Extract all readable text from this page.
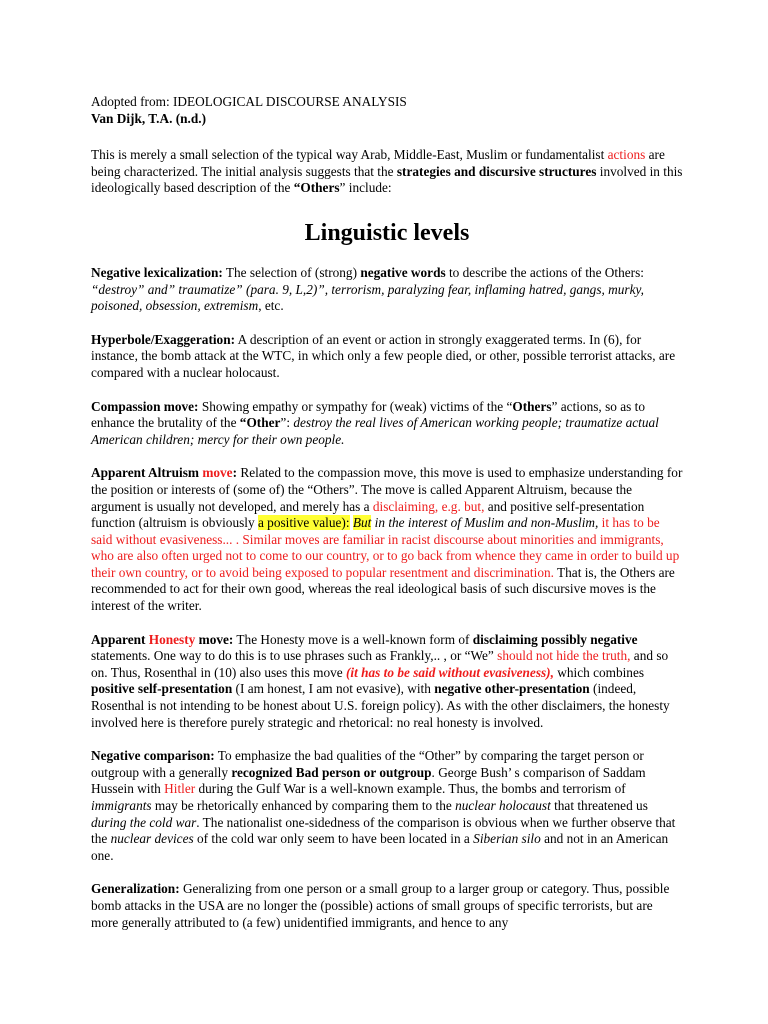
Adopted from: IDEOLOGICAL DISCOURSE ANALYSIS

Van Dijk, T.A. (n.d.)

This is merely a small selection of the typical way Arab, Middle-East, Muslim or fundamentalist actions are being characterized. The initial analysis suggests that the strategies and discursive structures involved in this ideologically based description of the “Others” include:

Linguistic levels

Negative lexicalization: The selection of (strong) negative words to describe the actions of the Others: “destroy” and” traumatize” (para. 9, L,2)”, terrorism, paralyzing fear, inflaming hatred, gangs, murky, poisoned, obsession, extremism, etc.

Hyperbole/Exaggeration: A description of an event or action in strongly exaggerated terms. In (6), for instance, the bomb attack at the WTC, in which only a few people died, or other, possible terrorist attacks, are compared with a nuclear holocaust.

Compassion move: Showing empathy or sympathy for (weak) victims of the “Others” actions, so as to enhance the brutality of the “Other”: destroy the real lives of American working people; traumatize actual American children; mercy for their own people.

Apparent Altruism move: Related to the compassion move, this move is used to emphasize understanding for the position or interests of (some of) the “Others”. The move is called Apparent Altruism, because the argument is usually not developed, and merely has a disclaiming, e.g. but, and positive self-presentation function (altruism is obviously a positive value): But in the interest of Muslim and non-Muslim, it has to be said without evasiveness... . Similar moves are familiar in racist discourse about minorities and immigrants, who are also often urged not to come to our country, or to go back from whence they came in order to build up their own country, or to avoid being exposed to popular resentment and discrimination. That is, the Others are recommended to act for their own good, whereas the real ideological basis of such discursive moves is the interest of the writer.

Apparent Honesty move: The Honesty move is a well-known form of disclaiming possibly negative statements. One way to do this is to use phrases such as Frankly,.. , or “We” should not hide the truth, and so on. Thus, Rosenthal in (10) also uses this move (it has to be said without evasiveness), which combines positive self-presentation (I am honest, I am not evasive), with negative other-presentation (indeed, Rosenthal is not intending to be honest about U.S. foreign policy). As with the other disclaimers, the honesty involved here is therefore purely strategic and rhetorical: no real honesty is involved.

Negative comparison: To emphasize the bad qualities of the “Other” by comparing the target person or outgroup with a generally recognized Bad person or outgroup. George Bush’ s comparison of Saddam Hussein with Hitler during the Gulf War is a well-known example. Thus, the bombs and terrorism of immigrants may be rhetorically enhanced by comparing them to the nuclear holocaust that threatened us during the cold war. The nationalist one-sidedness of the comparison is obvious when we further observe that the nuclear devices of the cold war only seem to have been located in a Siberian silo and not in an American one.

Generalization: Generalizing from one person or a small group to a larger group or category. Thus, possible bomb attacks in the USA are no longer the (possible) actions of small groups of specific terrorists, but are more generally attributed to (a few) unidentified immigrants, and hence to any
